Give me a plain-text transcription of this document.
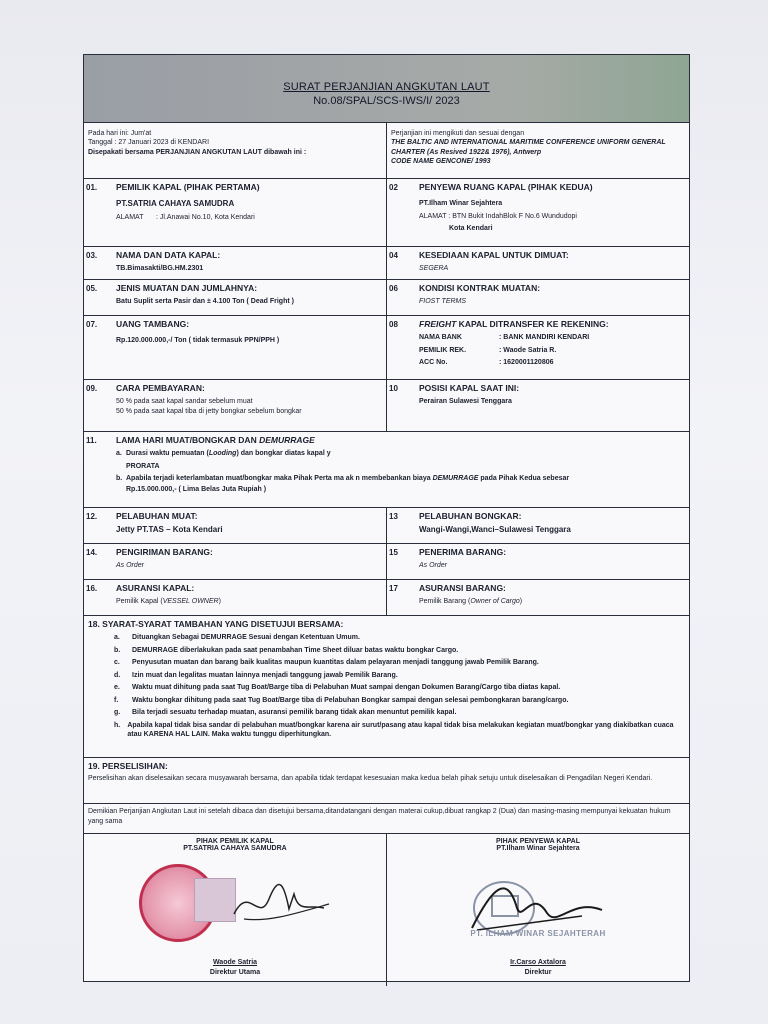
SURAT PERJANJIAN ANGKUTAN LAUT
No.08/SPAL/SCS-IWS/I/ 2023
Pada hari ini: Jum'at
Tanggal : 27 Januari 2023 di KENDARI
Disepakati bersama PERJANJIAN ANGKUTAN LAUT dibawah ini :
Perjanjian ini mengikuti dan sesuai dengan
THE BALTIC AND INTERNATIONAL MARITIME CONFERENCE UNIFORM GENERAL CHARTER (As Resived 1922& 1976), Antwerp
CODE NAME GENCONE/ 1993
01. PEMILIK KAPAL (PIHAK PERTAMA)
PT.SATRIA CAHAYA SAMUDRA
ALAMAT	: Jl.Anawai No.10, Kota Kendari
02 PENYEWA RUANG KAPAL (PIHAK KEDUA)
PT.Ilham Winar Sejahtera
ALAMAT : BTN Bukit IndahBlok F No.6 Wundudopi
Kota Kendari
03. NAMA DAN DATA KAPAL:
TB.Bimasakti/BG.HM.2301
04 KESEDIAAN KAPAL UNTUK DIMUAT:
SEGERA
05. JENIS MUATAN DAN JUMLAHNYA:
Batu Suplit serta Pasir dan ± 4.100 Ton ( Dead Fright )
06 KONDISI KONTRAK MUATAN:
FIOST TERMS
07. UANG TAMBANG:
Rp.120.000.000,-/ Ton ( tidak termasuk PPN/PPH )
08 FREIGHT KAPAL DITRANSFER KE REKENING:
NAMA BANK	: BANK MANDIRI KENDARI
PEMILIK REK.	: Waode Satria R.
ACC No.	: 1620001120806
09. CARA PEMBAYARAN:
50 % pada saat kapal sandar sebelum muat
50 % pada saat kapal tiba di jetty bongkar sebelum bongkar
10 POSISI KAPAL SAAT INI:
Perairan Sulawesi Tenggara
11. LAMA HARI MUAT/BONGKAR DAN DEMURRAGE
a. Durasi waktu pemuatan (Looding) dan bongkar diatas kapal y
PRORATA
b. Apabila terjadi keterlambatan muat/bongkar maka Pihak Perta ma ak n membebankan biaya DEMURRAGE pada Pihak Kedua sebesar
Rp.15.000.000,- ( Lima Belas Juta Rupiah )
12. PELABUHAN MUAT:
Jetty PT.TAS – Kota Kendari
13 PELABUHAN BONGKAR:
Wangi-Wangi,Wanci–Sulawesi Tenggara
14. PENGIRIMAN BARANG:
As Order
15 PENERIMA BARANG:
As Order
16. ASURANSI KAPAL:
Pemilik Kapal (VESSEL OWNER)
17 ASURANSI BARANG:
Pemilik Barang (Owner of Cargo)
18. SYARAT-SYARAT TAMBAHAN YANG DISETUJUI BERSAMA:
a.	Dituangkan Sebagai DEMURRAGE Sesuai dengan Ketentuan Umum.
b.	DEMURRAGE diberlakukan pada saat penambahan Time Sheet diluar batas waktu bongkar Cargo.
c.	Penyusutan muatan dan barang baik kualitas maupun kuantitas dalam pelayaran menjadi tanggung jawab Pemilik Barang.
d.	Izin muat dan legalitas muatan lainnya menjadi tanggung jawab Pemilik Barang.
e.	Waktu muat dihitung pada saat Tug Boat/Barge tiba di Pelabuhan Muat sampai dengan Dokumen Barang/Cargo tiba diatas kapal.
f.	Waktu bongkar dihitung pada saat Tug Boat/Barge tiba di Pelabuhan Bongkar sampai dengan selesai pembongkaran barang/cargo.
g.	Bila terjadi sesuatu terhadap muatan, asuransi pemilik barang tidak akan menuntut pemilik kapal.
h.	Apabila kapal tidak bisa sandar di pelabuhan muat/bongkar karena air surut/pasang atau kapal tidak bisa melakukan kegiatan muat/bongkar yang diakibatkan cuaca atau KARENA HAL LAIN. Maka waktu tunggu diperhitungkan.
19. PERSELISIHAN:
Perselisihan akan diselesaikan secara musyawarah bersama, dan apabila tidak terdapat kesesuaian maka kedua belah pihak setuju untuk diselesaikan di Pengadilan Negeri Kendari.
Demikian Perjanjian Angkutan Laut ini setelah dibaca dan disetujui bersama,ditandatangani dengan materai cukup,dibuat rangkap 2 (Dua) dan masing-masing mempunyai kekuatan hukum yang sama
PIHAK PEMILIK KAPAL
PT.SATRIA CAHAYA SAMUDRA
Waode Satria
Direktur Utama
PIHAK PENYEWA KAPAL
PT.Ilham Winar Sejahtera
PT. ILHAM WINAR SEJAHTERAH
Ir.Carso Axtalora
Direktur
